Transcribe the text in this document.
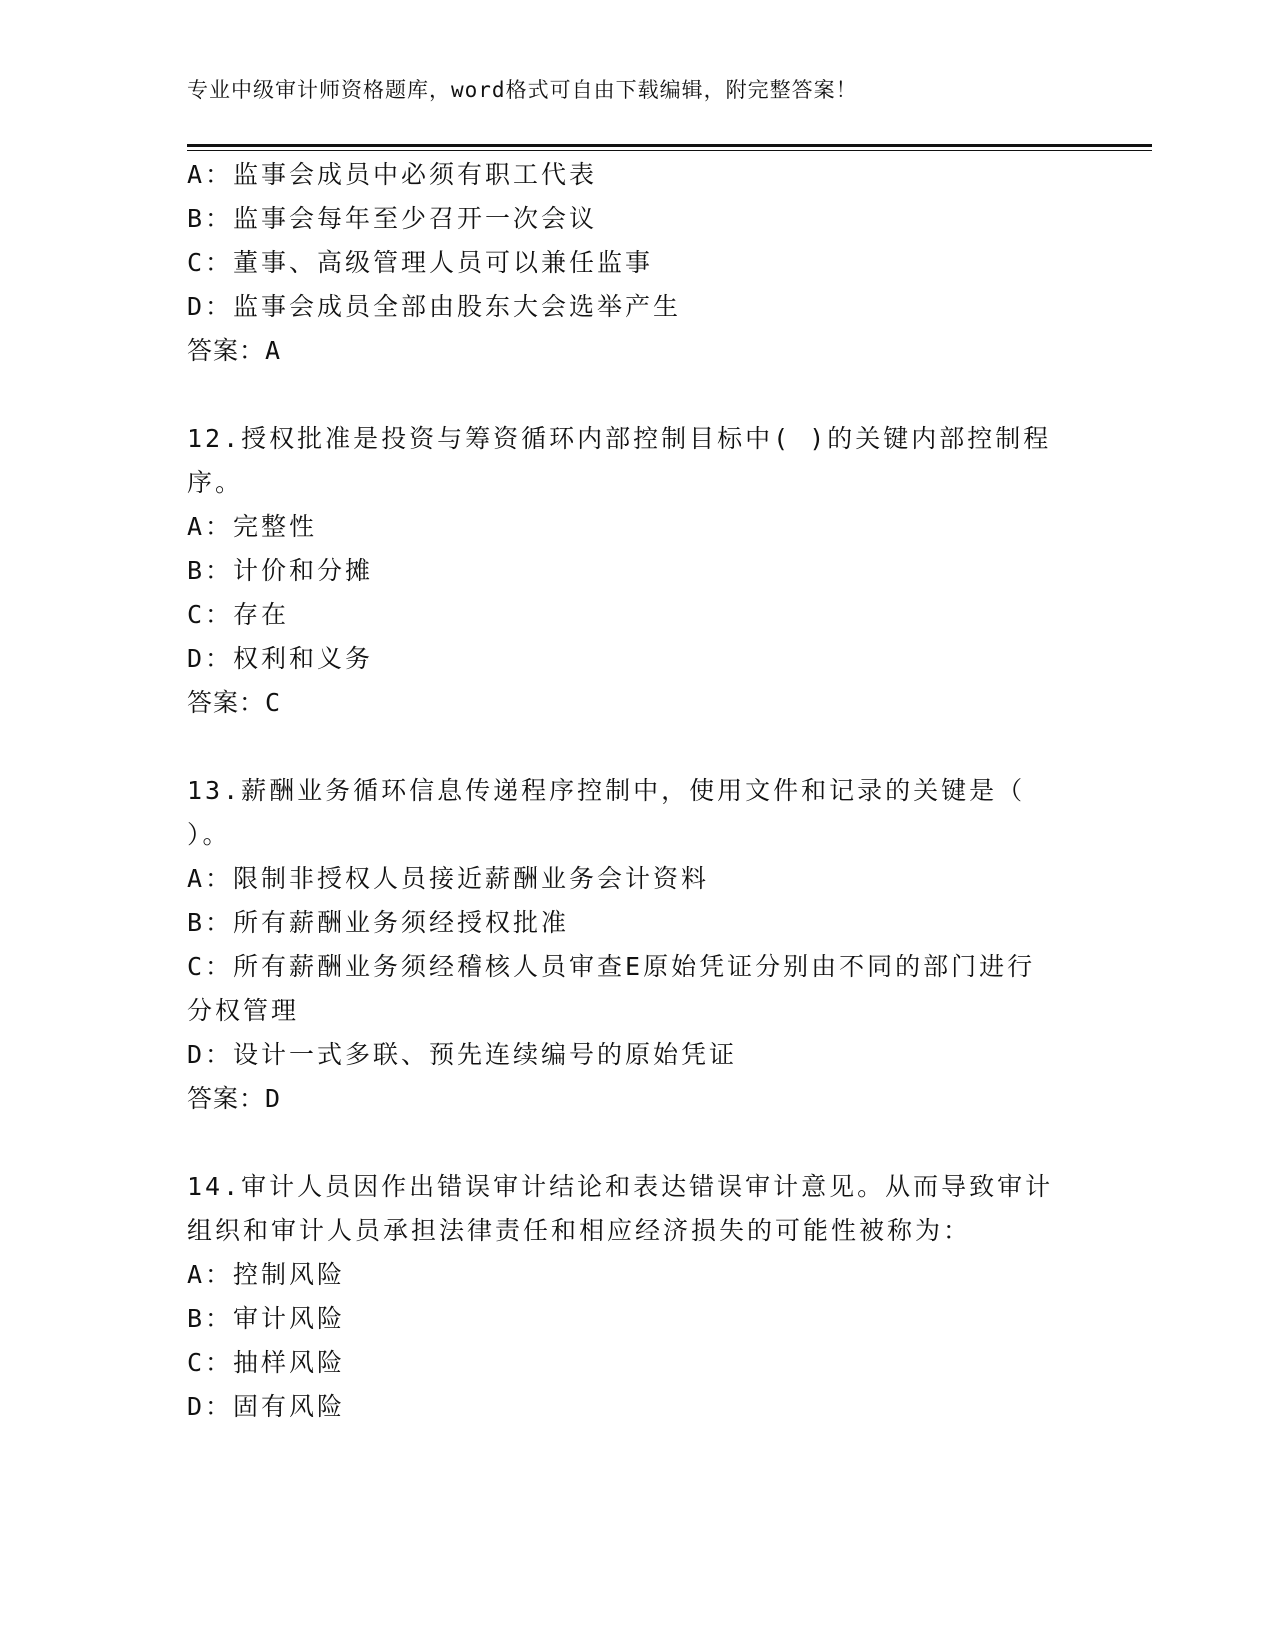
专业中级审计师资格题库，word格式可自由下载编辑，附完整答案！
A：监事会成员中必须有职工代表
B：监事会每年至少召开一次会议
C：董事、高级管理人员可以兼任监事
D：监事会成员全部由股东大会选举产生
答案：A
12.授权批准是投资与筹资循环内部控制目标中( )的关键内部控制程
序。
A：完整性
B：计价和分摊
C：存在
D：权利和义务
答案：C
13.薪酬业务循环信息传递程序控制中，使用文件和记录的关键是（
）。
A：限制非授权人员接近薪酬业务会计资料
B：所有薪酬业务须经授权批准
C：所有薪酬业务须经稽核人员审查E原始凭证分别由不同的部门进行
分权管理
D：设计一式多联、预先连续编号的原始凭证
答案：D
14.审计人员因作出错误审计结论和表达错误审计意见。从而导致审计
组织和审计人员承担法律责任和相应经济损失的可能性被称为：
A：控制风险
B：审计风险
C：抽样风险
D：固有风险
